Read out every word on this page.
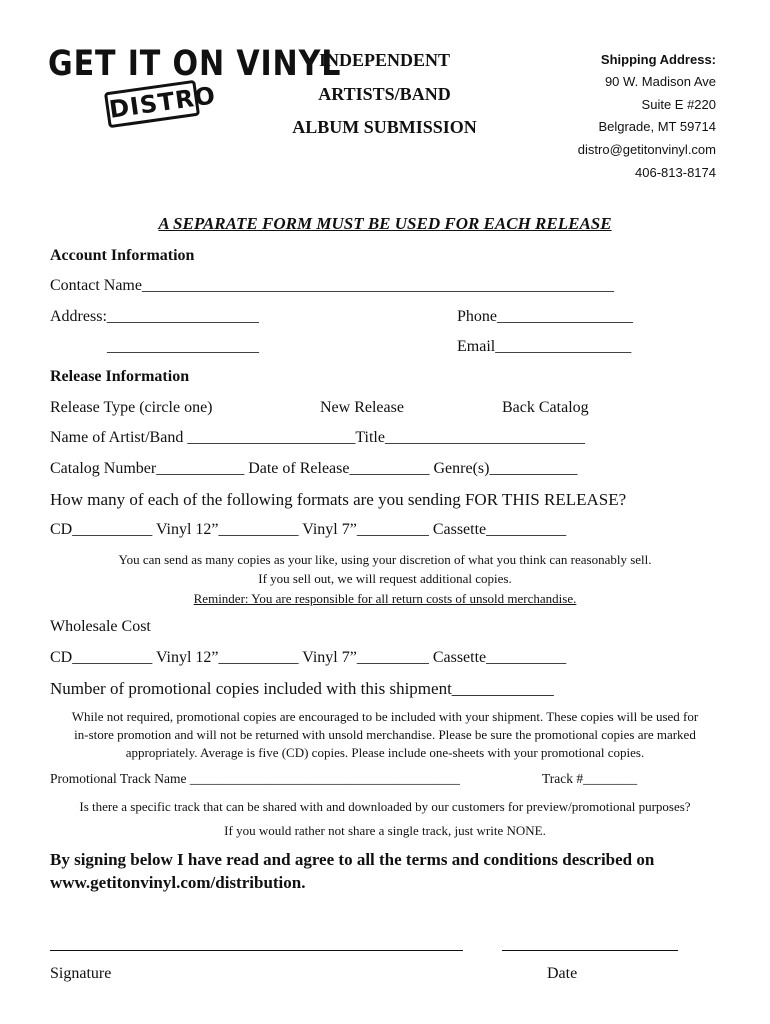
GET IT ON VINYL
DISTRO
INDEPENDENT
ARTISTS/BAND
ALBUM SUBMISSION
Shipping Address:
90 W. Madison Ave
Suite E #220
Belgrade, MT 59714
distro@getitonvinyl.com
406-813-8174
A SEPARATE FORM MUST BE USED FOR EACH RELEASE
Account Information
Contact Name___________________________________________________________
Address:___________________	Phone_________________
___________________	Email_________________
Release Information
Release Type (circle one)	New Release	Back Catalog
Name of Artist/Band _____________________Title_________________________
Catalog Number___________ Date of Release__________ Genre(s)___________
How many of each of the following formats are you sending FOR THIS RELEASE?
CD__________ Vinyl 12”__________ Vinyl 7”_________ Cassette__________
You can send as many copies as your like, using your discretion of what you think can reasonably sell.
If you sell out, we will request additional copies.
Reminder: You are responsible for all return costs of unsold merchandise.
Wholesale Cost
CD__________ Vinyl 12”__________ Vinyl 7”_________ Cassette__________
Number of promotional copies included with this shipment____________
While not required, promotional copies are encouraged to be included with your shipment. These copies will be used for
in-store promotion and will not be returned with unsold merchandise. Please be sure the promotional copies are marked
appropriately. Average is five (CD) copies. Please include one-sheets with your promotional copies.
Promotional Track Name ________________________________________	Track #________
Is there a specific track that can be shared with and downloaded by our customers for preview/promotional purposes?
If you would rather not share a single track, just write NONE.
By signing below I have read and agree to all the terms and conditions described on
www.getitonvinyl.com/distribution.
Signature	Date
